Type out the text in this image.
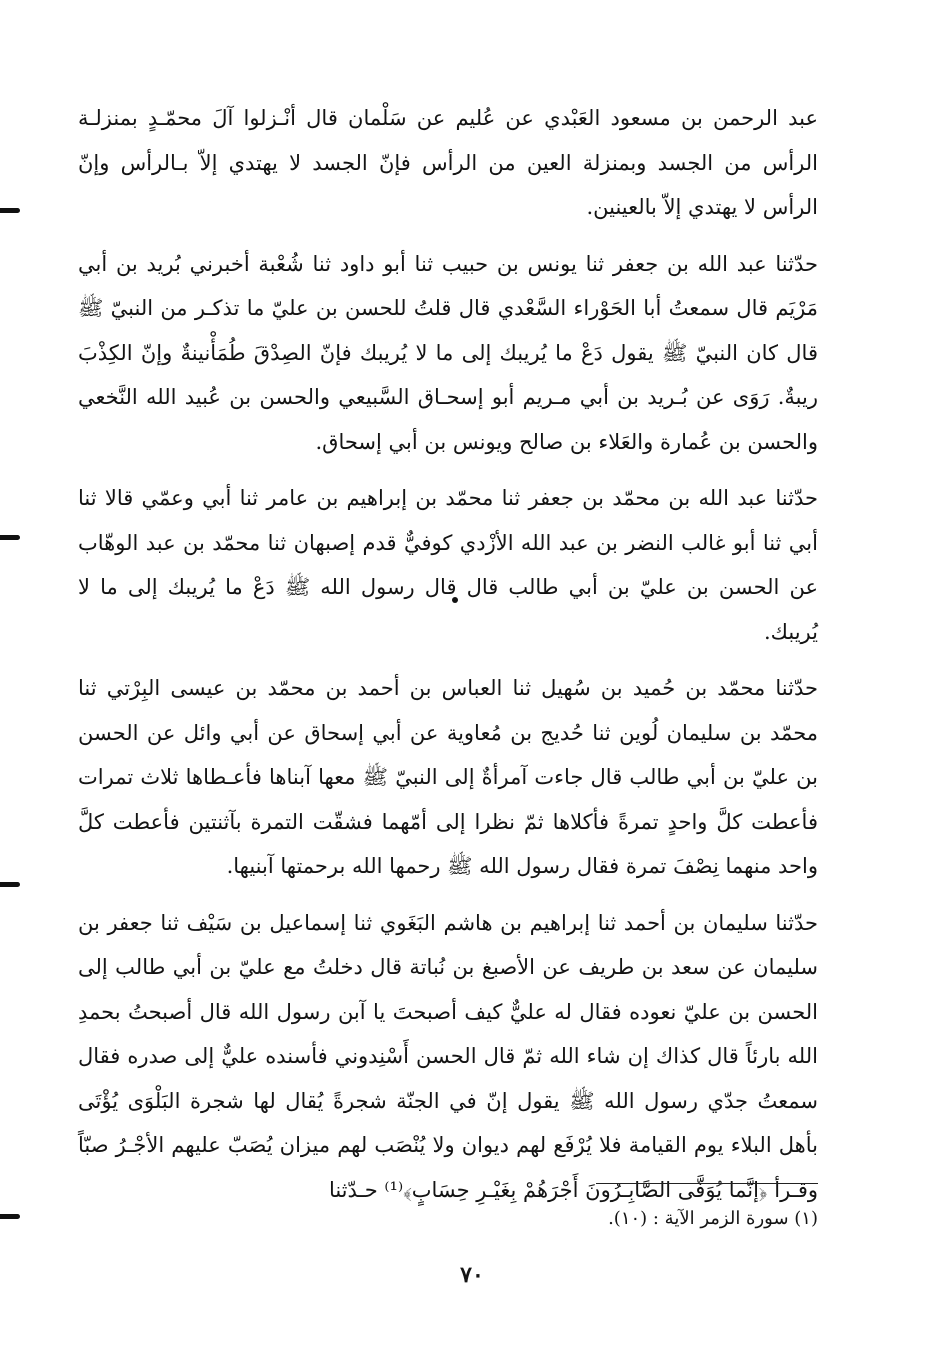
عبد الرحمن بن مسعود العَبْدي عن عُليم عن سَلْمان قال أنْـزلوا آلَ محمّـدٍ بمنزلـة الرأس من الجسد وبمنزلة العين من الرأس فإنّ الجسد لا يهتدي إلاّ بـالرأس وإنّ الرأس لا يهتدي إلاّ بالعينين.

حدّثنا عبد الله بن جعفر ثنا يونس بن حبيب ثنا أبو داود ثنا شُعْبة أخبرني بُريد بن أبي مَرْيَم قال سمعتُ أبا الحَوْراء السَّعْدي قال قلتُ للحسن بن عليّ ما تذكـر من النبيّ ﷺ قال كان النبيّ ﷺ يقول دَعْ ما يُريبك إلى ما لا يُريبك فإنّ الصِدْقَ طُمَأْنينةٌ وإنّ الكِذْبَ ريبةٌ. رَوَى عن بُـريد بن أبي مـريم أبو إسحـاق السَّبيعي والحسن بن عُبيد الله النَّخعي والحسن بن عُمارة والعَلاء بن صالح ويونس بن أبي إسحاق.

حدّثنا عبد الله بن محمّد بن جعفر ثنا محمّد بن إبراهيم بن عامر ثنا أبي وعمّي قالا ثنا أبي ثنا أبو غالب النضر بن عبد الله الأزْدي كوفيٌّ قدم إصبهان ثنا محمّد بن عبد الوهّاب عن الحسن بن عليّ بن أبي طالب قال قال رسول الله ﷺ دَعْ ما يُريبك إلى ما لا يُريبك.

حدّثنا محمّد بن حُميد بن سُهيل ثنا العباس بن أحمد بن محمّد بن عيسى البِرْتي ثنا محمّد بن سليمان لُوين ثنا حُديج بن مُعاوية عن أبي إسحاق عن أبي وائل عن الحسن بن عليّ بن أبي طالب قال جاءت آمرأةٌ إلى النبيّ ﷺ معها آبناها فأعـطاها ثلاث تمرات فأعطت كلَّ واحدٍ تمرةً فأكلاها ثمّ نظرا إلى أمّهما فشقّت التمرة بآثنتين فأعطت كلَّ واحد منهما نِصْفَ تمرة فقال رسول الله ﷺ رحمها الله برحمتها آبنيها.

حدّثنا سليمان بن أحمد ثنا إبراهيم بن هاشم البَغَوي ثنا إسماعيل بن سَيْف ثنا جعفر بن سليمان عن سعد بن طريف عن الأصبغ بن نُباتة قال دخلتُ مع عليّ بن أبي طالب إلى الحسن بن عليّ نعوده فقال له عليٌّ كيف أصبحتَ يا آبن رسول الله قال أصبحتُ بحمدِ الله بارئاً قال كذاك إن شاء الله ثمّ قال الحسن أَسْنِدوني فأسنده عليٌّ إلى صدره فقال سمعتُ جدّي رسول الله ﷺ يقول إنّ في الجنّة شجرةً يُقال لها شجرة البَلْوَى يُؤْتَى بأهل البلاء يوم القيامة فلا يُرْفَع لهم ديوان ولا يُنْصَب لهم ميزان يُصَبّ عليهم الأجْـرُ صبّاً وقـرأ ﴿إنَّما يُوَفَّى الصَّابِـرُونَ أَجْرَهُمْ بِغَيْـرِ حِسَابٍ﴾⁽¹⁾ حـدّثنا

(١) سورة الزمر الآية : (١٠).
٧٠
